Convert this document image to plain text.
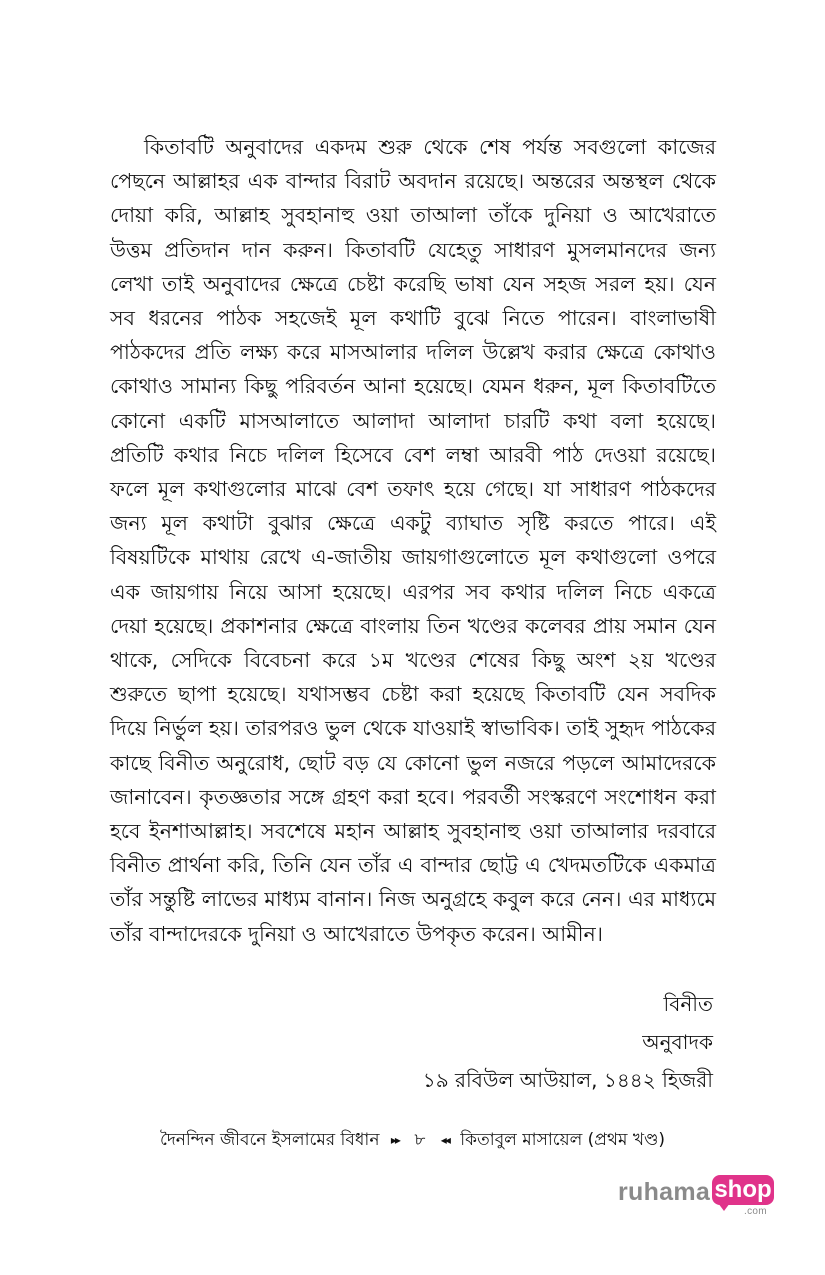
কিতাবটি অনুবাদের একদম শুরু থেকে শেষ পর্যন্ত সবগুলো কাজের পেছনে আল্লাহর এক বান্দার বিরাট অবদান রয়েছে। অন্তরের অন্তস্থল থেকে দোয়া করি, আল্লাহ সুবহানাহু ওয়া তাআলা তাঁকে দুনিয়া ও আখেরাতে উত্তম প্রতিদান দান করুন। কিতাবটি যেহেতু সাধারণ মুসলমানদের জন্য লেখা তাই অনুবাদের ক্ষেত্রে চেষ্টা করেছি ভাষা যেন সহজ সরল হয়। যেন সব ধরনের পাঠক সহজেই মূল কথাটি বুঝে নিতে পারেন। বাংলাভাষী পাঠকদের প্রতি লক্ষ্য করে মাসআলার দলিল উল্লেখ করার ক্ষেত্রে কোথাও কোথাও সামান্য কিছু পরিবর্তন আনা হয়েছে। যেমন ধরুন, মূল কিতাবটিতে কোনো একটি মাসআলাতে আলাদা আলাদা চারটি কথা বলা হয়েছে। প্রতিটি কথার নিচে দলিল হিসেবে বেশ লম্বা আরবী পাঠ দেওয়া রয়েছে। ফলে মূল কথাগুলোর মাঝে বেশ তফাৎ হয়ে গেছে। যা সাধারণ পাঠকদের জন্য মূল কথাটা বুঝার ক্ষেত্রে একটু ব্যাঘাত সৃষ্টি করতে পারে। এই বিষয়টিকে মাথায় রেখে এ-জাতীয় জায়গাগুলোতে মূল কথাগুলো ওপরে এক জায়গায় নিয়ে আসা হয়েছে। এরপর সব কথার দলিল নিচে একত্রে দেয়া হয়েছে। প্রকাশনার ক্ষেত্রে বাংলায় তিন খণ্ডের কলেবর প্রায় সমান যেন থাকে, সেদিকে বিবেচনা করে ১ম খণ্ডের শেষের কিছু অংশ ২য় খণ্ডের শুরুতে ছাপা হয়েছে। যথাসম্ভব চেষ্টা করা হয়েছে কিতাবটি যেন সবদিক দিয়ে নির্ভুল হয়। তারপরও ভুল থেকে যাওয়াই স্বাভাবিক। তাই সুহৃদ পাঠকের কাছে বিনীত অনুরোধ, ছোট বড় যে কোনো ভুল নজরে পড়লে আমাদেরকে জানাবেন। কৃতজ্ঞতার সঙ্গে গ্রহণ করা হবে। পরবর্তী সংস্করণে সংশোধন করা হবে ইনশাআল্লাহ। সবশেষে মহান আল্লাহ সুবহানাহু ওয়া তাআলার দরবারে বিনীত প্রার্থনা করি, তিনি যেন তাঁর এ বান্দার ছোট্ট এ খেদমতটিকে একমাত্র তাঁর সন্তুষ্টি লাভের মাধ্যম বানান। নিজ অনুগ্রহে কবুল করে নেন। এর মাধ্যমে তাঁর বান্দাদেরকে দুনিয়া ও আখেরাতে উপকৃত করেন। আমীন।

বিনীত
অনুবাদক
১৯ রবিউল আউয়াল, ১৪৪২ হিজরী
দৈনন্দিন জীবনে ইসলামের বিধান ▸▸ ৮ ◂◂ কিতাবুল মাসায়েল (প্রথম খণ্ড)
ruhama shop
.com
